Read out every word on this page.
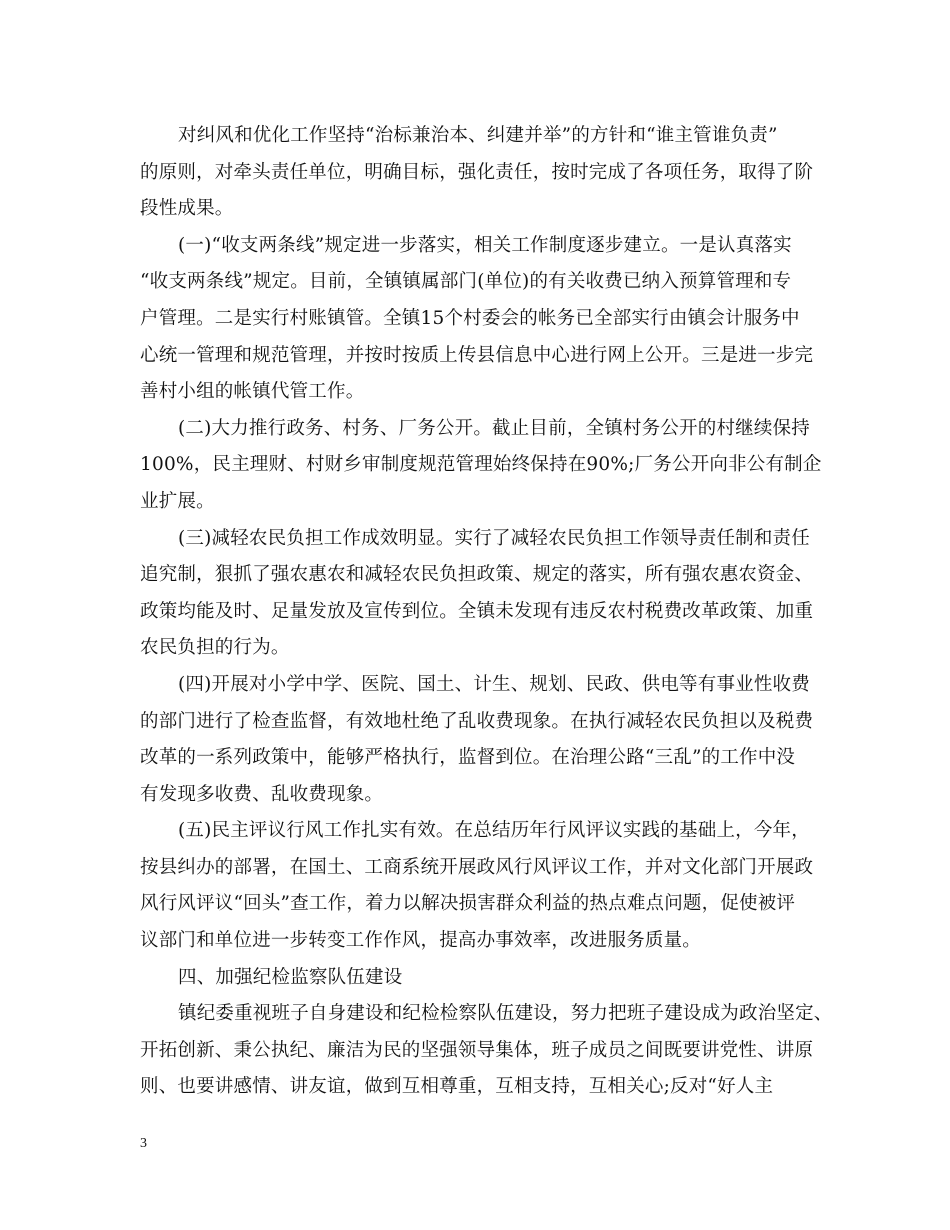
对纠风和优化工作坚持“治标兼治本、纠建并举”的方针和“谁主管谁负责”
的原则，对牵头责任单位，明确目标，强化责任，按时完成了各项任务，取得了阶
段性成果。
(一)“收支两条线”规定进一步落实，相关工作制度逐步建立。一是认真落实
“收支两条线”规定。目前，全镇镇属部门(单位)的有关收费已纳入预算管理和专
户管理。二是实行村账镇管。全镇15个村委会的帐务已全部实行由镇会计服务中
心统一管理和规范管理，并按时按质上传县信息中心进行网上公开。三是进一步完
善村小组的帐镇代管工作。
(二)大力推行政务、村务、厂务公开。截止目前，全镇村务公开的村继续保持
100%，民主理财、村财乡审制度规范管理始终保持在90%;厂务公开向非公有制企
业扩展。
(三)减轻农民负担工作成效明显。实行了减轻农民负担工作领导责任制和责任
追究制，狠抓了强农惠农和减轻农民负担政策、规定的落实，所有强农惠农资金、
政策均能及时、足量发放及宣传到位。全镇未发现有违反农村税费改革政策、加重
农民负担的行为。
(四)开展对小学中学、医院、国土、计生、规划、民政、供电等有事业性收费
的部门进行了检查监督，有效地杜绝了乱收费现象。在执行减轻农民负担以及税费
改革的一系列政策中，能够严格执行，监督到位。在治理公路“三乱”的工作中没
有发现多收费、乱收费现象。
(五)民主评议行风工作扎实有效。在总结历年行风评议实践的基础上，今年，
按县纠办的部署，在国土、工商系统开展政风行风评议工作，并对文化部门开展政
风行风评议“回头”查工作，着力以解决损害群众利益的热点难点问题，促使被评
议部门和单位进一步转变工作作风，提高办事效率，改进服务质量。
四、加强纪检监察队伍建设
镇纪委重视班子自身建设和纪检检察队伍建设，努力把班子建设成为政治坚定、
开拓创新、秉公执纪、廉洁为民的坚强领导集体，班子成员之间既要讲党性、讲原
则、也要讲感情、讲友谊，做到互相尊重，互相支持，互相关心;反对“好人主
3
